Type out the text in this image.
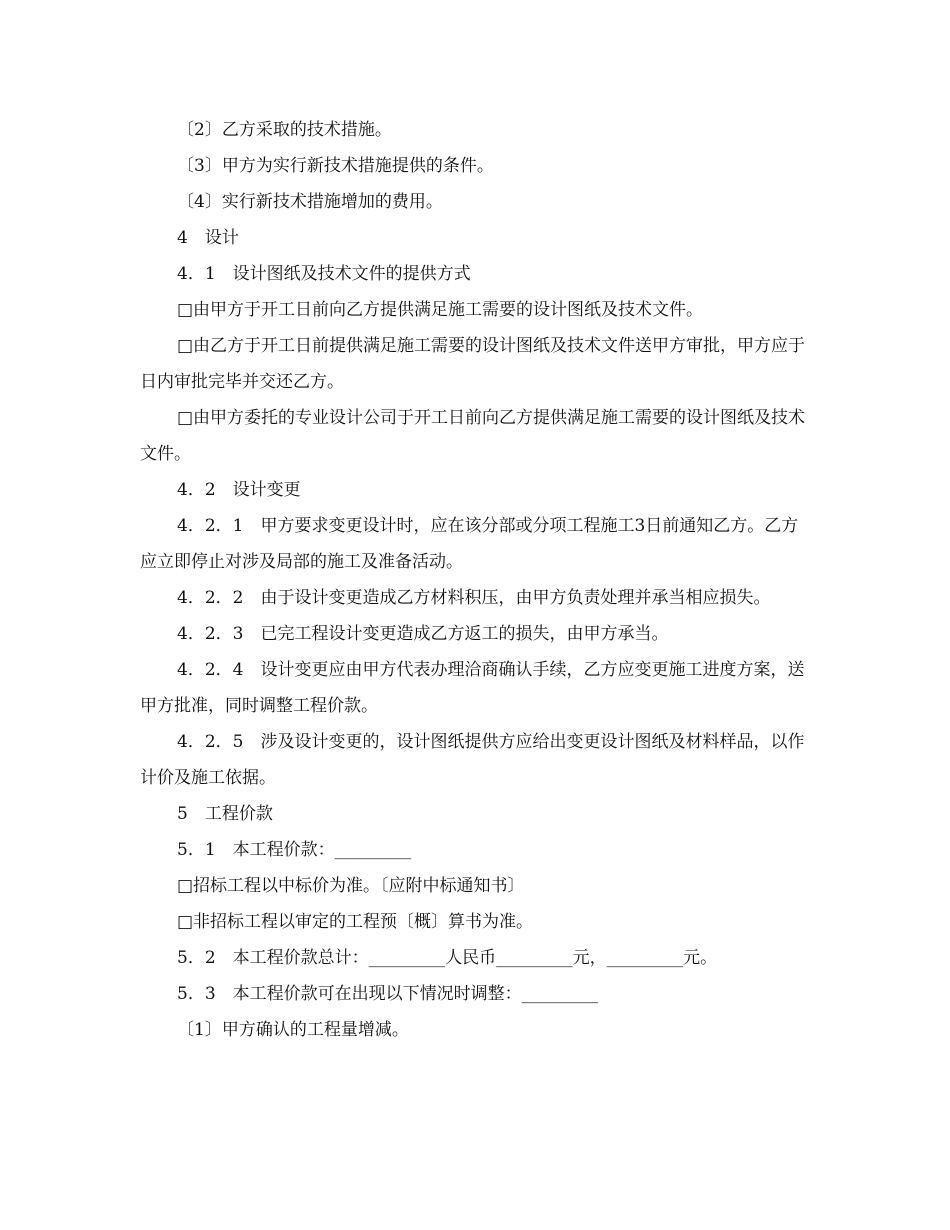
〔2〕乙方采取的技术措施。

〔3〕甲方为实行新技术措施提供的条件。

〔4〕实行新技术措施增加的费用。

4　设计

4．1　设计图纸及技术文件的提供方式

□由甲方于开工日前向乙方提供满足施工需要的设计图纸及技术文件。

□由乙方于开工日前提供满足施工需要的设计图纸及技术文件送甲方审批，甲方应于日内审批完毕并交还乙方。

□由甲方委托的专业设计公司于开工日前向乙方提供满足施工需要的设计图纸及技术文件。

4．2　设计变更

4．2．1　甲方要求变更设计时，应在该分部或分项工程施工3日前通知乙方。乙方应立即停止对涉及局部的施工及准备活动。

4．2．2　由于设计变更造成乙方材料积压，由甲方负责处理并承当相应损失。

4．2．3　已完工程设计变更造成乙方返工的损失，由甲方承当。

4．2．4　设计变更应由甲方代表办理洽商确认手续，乙方应变更施工进度方案，送甲方批准，同时调整工程价款。

4．2．5　涉及设计变更的，设计图纸提供方应给出变更设计图纸及材料样品，以作计价及施工依据。

5　工程价款

5．1　本工程价款：_________

□招标工程以中标价为准。〔应附中标通知书〕

□非招标工程以审定的工程预〔概〕算书为准。

5．2　本工程价款总计：_________人民币_________元，_________元。

5．3　本工程价款可在出现以下情况时调整：_________

〔1〕甲方确认的工程量增减。
